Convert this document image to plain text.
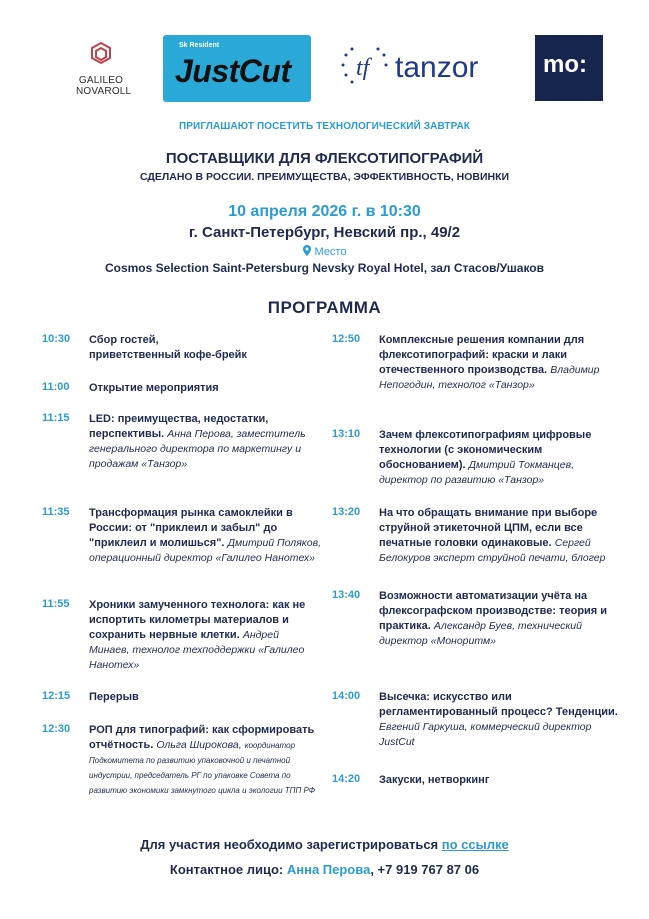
GALILEO
NOVAROLL
Sk Resident
JustCut	tf tanzor	mo:
ПРИГЛАШАЮТ ПОСЕТИТЬ ТЕХНОЛОГИЧЕСКИЙ ЗАВТРАК
ПОСТАВЩИКИ ДЛЯ ФЛЕКСОТИПОГРАФИЙ
СДЕЛАНО В РОССИИ. ПРЕИМУЩЕСТВА, ЭФФЕКТИВНОСТЬ, НОВИНКИ
10 апреля 2026 г. в 10:30
г. Санкт-Петербург, Невский пр., 49/2
Место
Cosmos Selection Saint-Petersburg Nevsky Royal Hotel, зал Стасов/Ушаков
ПРОГРАММА
10:30 Сбор гостей,
приветственный кофе-брейк
11:00 Открытие мероприятия
11:15 LED: преимущества, недостатки, перспективы. Анна Перова, заместитель генерального директора по маркетингу и продажам «Танзор»
11:35 Трансформация рынка самоклейки в России: от "приклеил и забыл" до "приклеил и молишься". Дмитрий Поляков, операционный директор «Галилео Нанотех»
11:55 Хроники замученного технолога: как не испортить километры материалов и сохранить нервные клетки. Андрей Минаев, технолог техподдержки «Галилео Нанотех»
12:15 Перерыв
12:30 РОП для типографий: как сформировать отчётность. Ольга Широкова, координатор Подкомитета по развитию упаковочной и печатной индустрии, председатель РГ по упаковке Совета по развитию экономики замкнутого цикла и экологии ТПП РФ
12:50 Комплексные решения компании для флексотипографий: краски и лаки отечественного производства. Владимир Непогодин, технолог «Танзор»
13:10 Зачем флексотипографиям цифровые технологии (с экономическим обоснованием). Дмитрий Токманцев, директор по развитию «Танзор»
13:20 На что обращать внимание при выборе струйной этикеточной ЦПМ, если все печатные головки одинаковые. Сергей Белокуров эксперт струйной печати, блогер
13:40 Возможности автоматизации учёта на флексографском производстве: теория и практика. Александр Буев, технический директор «Моноритм»
14:00 Высечка: искусство или регламентированный процесс? Тенденции. Евгений Гаркуша, коммерческий директор JustCut
14:20 Закуски, нетворкинг
Для участия необходимо зарегистрироваться по ссылке
Контактное лицо: Анна Перова, +7 919 767 87 06
